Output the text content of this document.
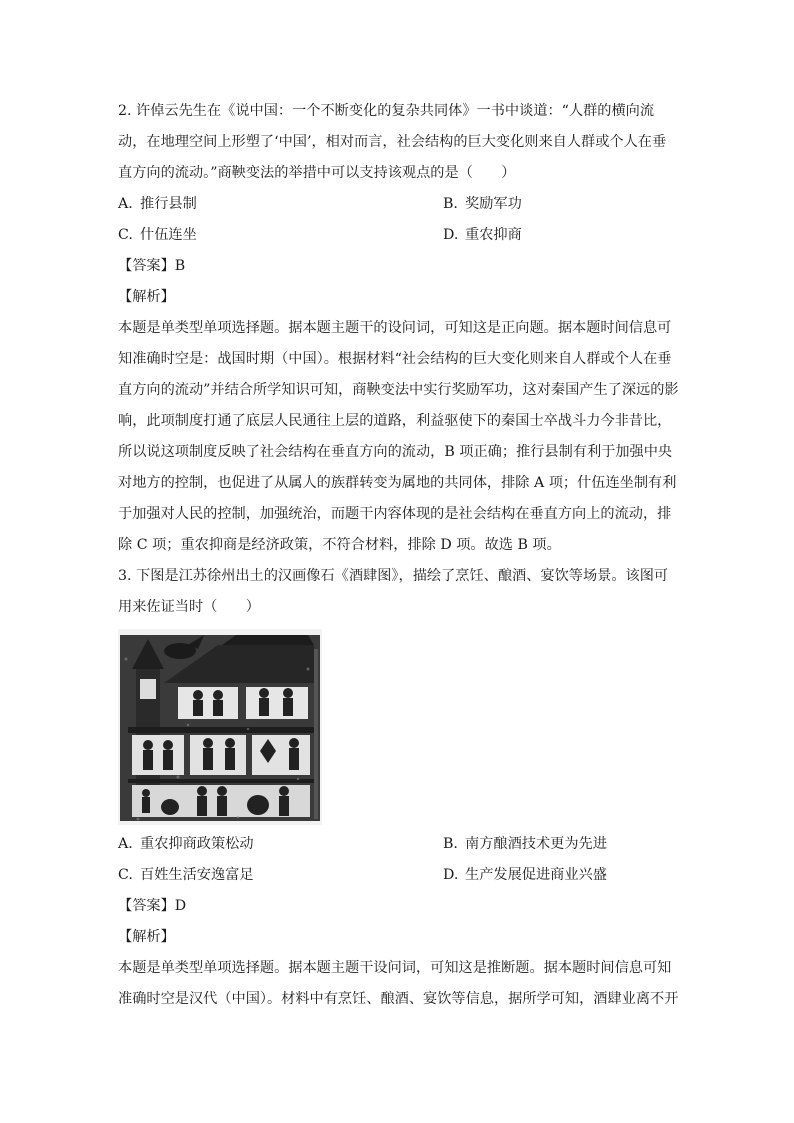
2. 许倬云先生在《说中国：一个不断变化的复杂共同体》一书中谈道：“人群的横向流
动，在地理空间上形塑了‘中国’，相对而言，社会结构的巨大变化则来自人群或个人在垂
直方向的流动。”商鞅变法的举措中可以支持该观点的是（　　）
A. 推行县制	B. 奖励军功
C. 什伍连坐	D. 重农抑商
【答案】B
【解析】
本题是单类型单项选择题。据本题主题干的设问词，可知这是正向题。据本题时间信息可
知准确时空是：战国时期（中国）。根据材料“社会结构的巨大变化则来自人群或个人在垂
直方向的流动”并结合所学知识可知，商鞅变法中实行奖励军功，这对秦国产生了深远的影
响，此项制度打通了底层人民通往上层的道路，利益驱使下的秦国士卒战斗力今非昔比，
所以说这项制度反映了社会结构在垂直方向的流动，B 项正确；推行县制有利于加强中央
对地方的控制，也促进了从属人的族群转变为属地的共同体，排除 A 项；什伍连坐制有利
于加强对人民的控制，加强统治，而题干内容体现的是社会结构在垂直方向上的流动，排
除 C 项；重农抑商是经济政策，不符合材料，排除 D 项。故选 B 项。
3. 下图是江苏徐州出土的汉画像石《酒肆图》，描绘了烹饪、酿酒、宴饮等场景。该图可
用来佐证当时（　　）
A. 重农抑商政策松动	B. 南方酿酒技术更为先进
C. 百姓生活安逸富足	D. 生产发展促进商业兴盛
【答案】D
【解析】
本题是单类型单项选择题。据本题主题干设问词，可知这是推断题。据本题时间信息可知
准确时空是汉代（中国）。材料中有烹饪、酿酒、宴饮等信息，据所学可知，酒肆业离不开
